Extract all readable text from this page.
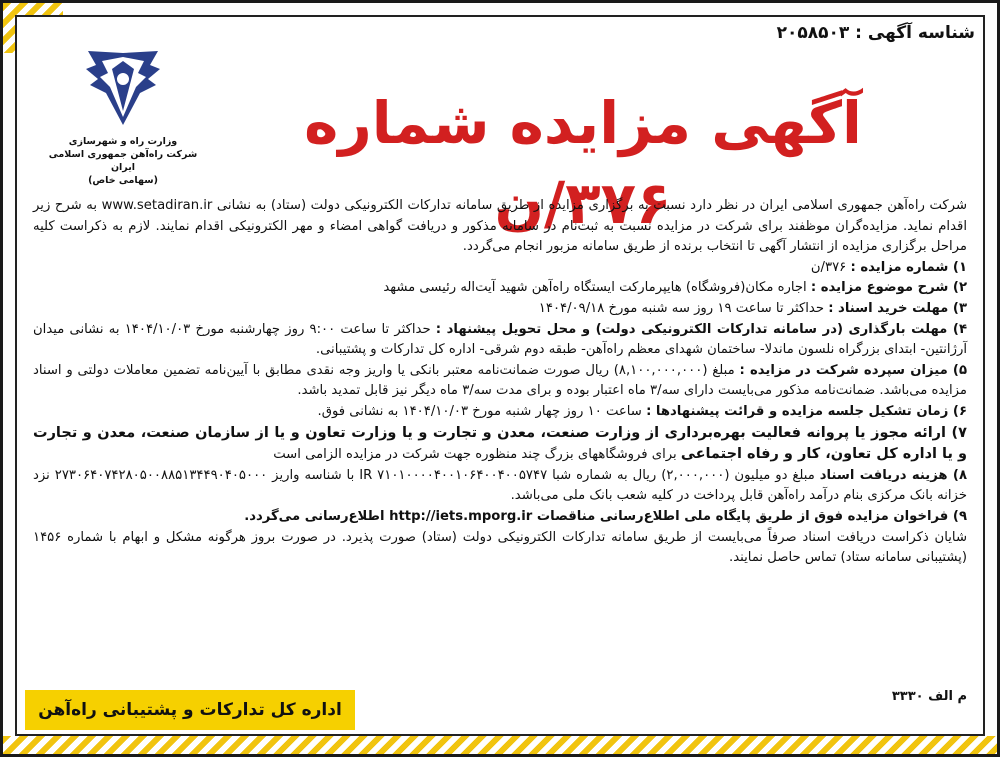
شناسه آگهی : ۲۰۵۸۵۰۳
وزارت راه و شهرسازی
شرکت راه‌آهن جمهوری اسلامی ایران
(سهامی خاص)
آگهی مزایده شماره ۳۷۶/ن

شرکت راه‌آهن جمهوری اسلامی ایران در نظر دارد نسبت به برگزاری مزایده از طریق سامانه تدارکات الکترونیکی دولت (ستاد) به نشانی www.setadiran.ir به شرح زیر اقدام نماید. مزایده‌گران موظفند برای شرکت در مزایده نسبت به ثبت‌نام در سامانه مذکور و دریافت گواهی امضاء و مهر الکترونیکی اقدام نمایند. لازم به ذکراست کلیه مراحل برگزاری مزایده از انتشار آگهی تا انتخاب برنده از طریق سامانه مزبور انجام می‌گردد.

۱) شماره مزایده : ۳۷۶/ن

۲) شرح موضوع مزایده : اجاره مکان(فروشگاه) هایپرمارکت ایستگاه راه‌آهن شهید آیت‌اله رئیسی مشهد

۳) مهلت خرید اسناد : حداکثر تا ساعت ۱۹ روز سه شنبه مورخ ۱۴۰۴/۰۹/۱۸

۴) مهلت بارگذاری (در سامانه تدارکات الکترونیکی دولت) و محل تحویل پیشنهاد : حداکثر تا ساعت ۹:۰۰ روز چهارشنبه مورخ ۱۴۰۴/۱۰/۰۳ به نشانی میدان آرژانتین- ابتدای بزرگراه نلسون ماندلا- ساختمان شهدای معظم راه‌آهن- طبقه دوم شرقی- اداره کل تدارکات و پشتیبانی.

۵) میزان سپرده شرکت در مزایده : مبلغ (۸,۱۰۰,۰۰۰,۰۰۰) ریال صورت ضمانت‌نامه معتبر بانکی یا واریز وجه نقدی مطابق با آیین‌نامه تضمین معاملات دولتی و اسناد مزایده می‌باشد. ضمانت‌نامه مذکور می‌بایست دارای سه/۳ ماه اعتبار بوده و برای مدت سه/۳ ماه دیگر نیز قابل تمدید باشد.

۶) زمان تشکیل جلسه مزایده و قرائت پیشنهادها : ساعت ۱۰ روز چهار شنبه مورخ ۱۴۰۴/۱۰/۰۳ به نشانی فوق.

۷) ارائه مجوز یا پروانه فعالیت بهره‌برداری از وزارت صنعت، معدن و تجارت و یا وزارت تعاون و یا از سازمان صنعت، معدن و تجارت و یا اداره کل تعاون، کار و رفاه اجتماعی برای فروشگاههای بزرگ چند منظوره جهت شرکت در مزایده الزامی است

۸) هزینه دریافت اسناد مبلغ دو میلیون (۲,۰۰۰,۰۰۰) ریال به شماره شبا IR ۷۱۰۱۰۰۰۰۴۰۰۱۰۶۴۰۰۴۰۰۵۷۴۷ با شناسه واریز ۲۷۳۰۶۴۰۷۴۲۸۰۵۰۰۸۸۵۱۳۴۴۹۰۴۰۵۰۰۰ نزد خزانه بانک مرکزی بنام درآمد راه‌آهن قابل پرداخت در کلیه شعب بانک ملی می‌باشد.

۹) فراخوان مزایده فوق از طریق پایگاه ملی اطلاع‌رسانی مناقصات http://iets.mporg.ir اطلاع‌رسانی می‌گردد.

شایان ذکراست دریافت اسناد صرفاً می‌بایست از طریق سامانه تدارکات الکترونیکی دولت (ستاد) صورت پذیرد. در صورت بروز هرگونه مشکل و ابهام با شماره ۱۴۵۶ (پشتیبانی سامانه ستاد) تماس حاصل نمایند.

م الف ۳۳۳۰
اداره کل تدارکات و پشتیبانی راه‌آهن
